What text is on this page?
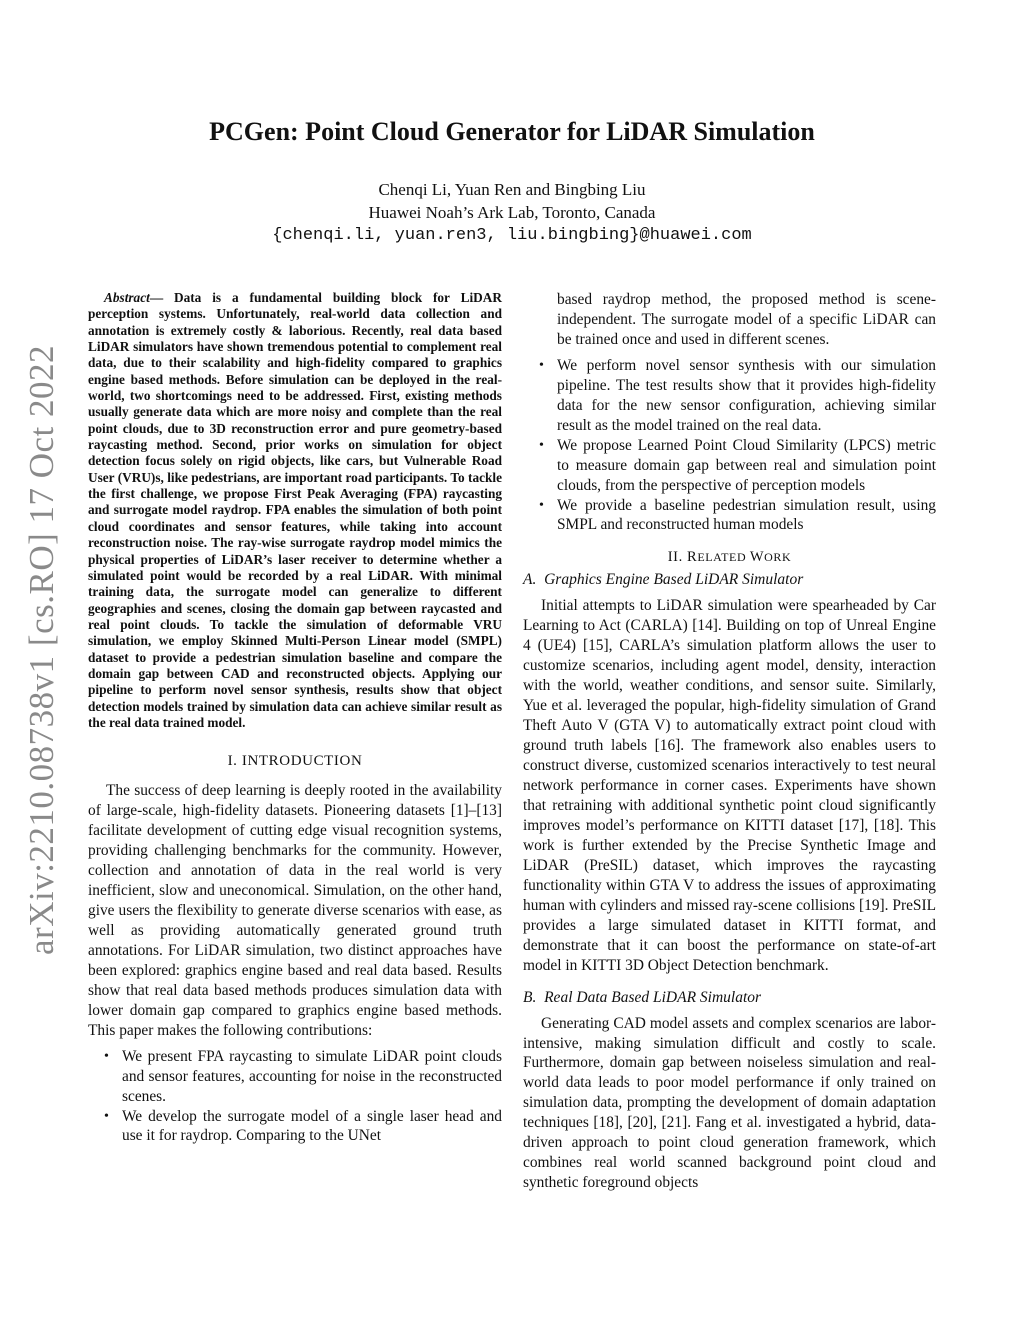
arXiv:2210.08738v1 [cs.RO] 17 Oct 2022
PCGen: Point Cloud Generator for LiDAR Simulation
Chenqi Li, Yuan Ren and Bingbing Liu
Huawei Noah’s Ark Lab, Toronto, Canada
{chenqi.li, yuan.ren3, liu.bingbing}@huawei.com

Abstract— Data is a fundamental building block for LiDAR perception systems. Unfortunately, real-world data collection and annotation is extremely costly & laborious. Recently, real data based LiDAR simulators have shown tremendous potential to complement real data, due to their scalability and high-fidelity compared to graphics engine based methods. Before simulation can be deployed in the real-world, two shortcomings need to be addressed. First, existing methods usually generate data which are more noisy and complete than the real point clouds, due to 3D reconstruction error and pure geometry-based raycasting method. Second, prior works on simulation for object detection focus solely on rigid objects, like cars, but Vulnerable Road User (VRU)s, like pedestrians, are important road participants. To tackle the first challenge, we propose First Peak Averaging (FPA) raycasting and surrogate model raydrop. FPA enables the simulation of both point cloud coordinates and sensor features, while taking into account reconstruction noise. The ray-wise surrogate raydrop model mimics the physical properties of LiDAR’s laser receiver to determine whether a simulated point would be recorded by a real LiDAR. With minimal training data, the surrogate model can generalize to different geographies and scenes, closing the domain gap between raycasted and real point clouds. To tackle the simulation of deformable VRU simulation, we employ Skinned Multi-Person Linear model (SMPL) dataset to provide a pedestrian simulation baseline and compare the domain gap between CAD and reconstructed objects. Applying our pipeline to perform novel sensor synthesis, results show that object detection models trained by simulation data can achieve similar result as the real data trained model.

I. INTRODUCTION

The success of deep learning is deeply rooted in the availability of large-scale, high-fidelity datasets. Pioneering datasets [1]–[13] facilitate development of cutting edge visual recognition systems, providing challenging benchmarks for the community. However, collection and annotation of data in the real world is very inefficient, slow and uneconomical. Simulation, on the other hand, give users the flexibility to generate diverse scenarios with ease, as well as providing automatically generated ground truth annotations. For LiDAR simulation, two distinct approaches have been explored: graphics engine based and real data based. Results show that real data based methods produces simulation data with lower domain gap compared to graphics engine based methods. This paper makes the following contributions:

• We present FPA raycasting to simulate LiDAR point clouds and sensor features, accounting for noise in the reconstructed scenes.
• We develop the surrogate model of a single laser head and use it for raydrop. Comparing to the UNet

based raydrop method, the proposed method is scene-independent. The surrogate model of a specific LiDAR can be trained once and used in different scenes.

• We perform novel sensor synthesis with our simulation pipeline. The test results show that it provides high-fidelity data for the new sensor configuration, achieving similar result as the model trained on the real data.
• We propose Learned Point Cloud Similarity (LPCS) metric to measure domain gap between real and simulation point clouds, from the perspective of perception models
• We provide a baseline pedestrian simulation result, using SMPL and reconstructed human models
II. RELATED WORK

A.  Graphics Engine Based LiDAR Simulator

Initial attempts to LiDAR simulation were spearheaded by Car Learning to Act (CARLA) [14]. Building on top of Unreal Engine 4 (UE4) [15], CARLA’s simulation platform allows the user to customize scenarios, including agent model, density, interaction with the world, weather conditions, and sensor suite. Similarly, Yue et al. leveraged the popular, high-fidelity simulation of Grand Theft Auto V (GTA V) to automatically extract point cloud with ground truth labels [16]. The framework also enables users to construct diverse, customized scenarios interactively to test neural network performance in corner cases. Experiments have shown that retraining with additional synthetic point cloud significantly improves model’s performance on KITTI dataset [17], [18]. This work is further extended by the Precise Synthetic Image and LiDAR (PreSIL) dataset, which improves the raycasting functionality within GTA V to address the issues of approximating human with cylinders and missed ray-scene collisions [19]. PreSIL provides a large simulated dataset in KITTI format, and demonstrate that it can boost the performance on state-of-art model in KITTI 3D Object Detection benchmark.

B.  Real Data Based LiDAR Simulator

Generating CAD model assets and complex scenarios are labor-intensive, making simulation difficult and costly to scale. Furthermore, domain gap between noiseless simulation and real-world data leads to poor model performance if only trained on simulation data, prompting the development of domain adaptation techniques [18], [20], [21]. Fang et al. investigated a hybrid, data-driven approach to point cloud generation framework, which combines real world scanned background point cloud and synthetic foreground objects
